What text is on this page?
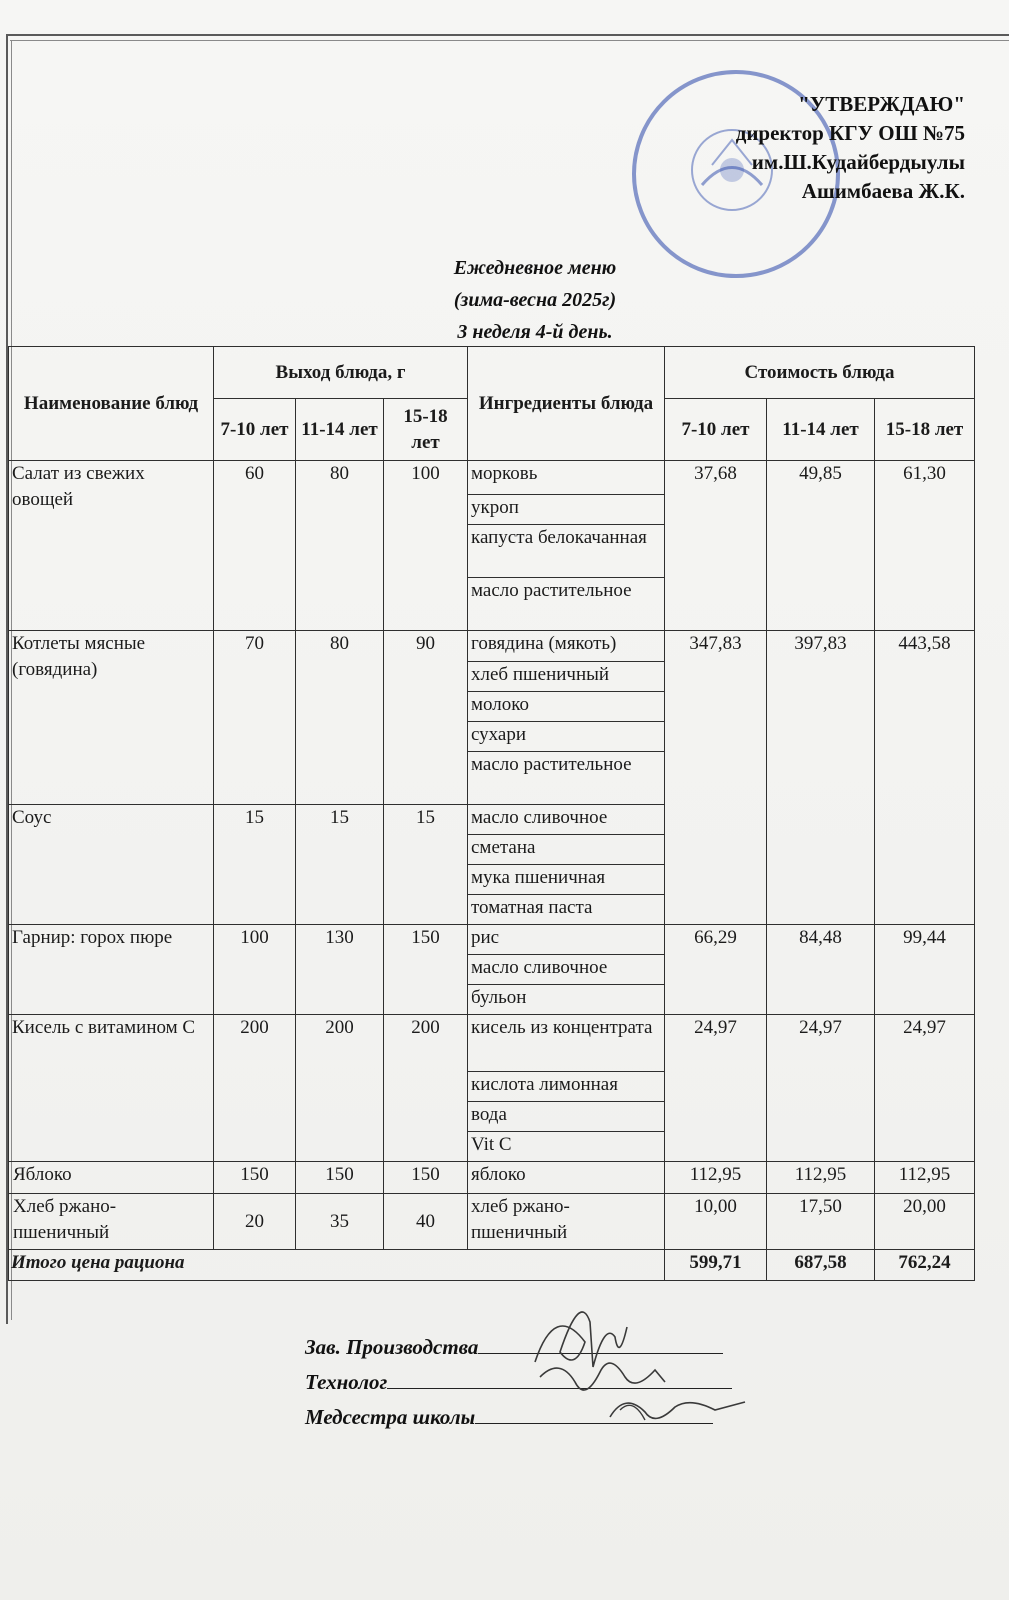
"УТВЕРЖДАЮ"
директор КГУ ОШ №75
им.Ш.Кудайбердыулы
Ашимбаева Ж.К.
Ежедневное меню
(зима-весна 2025г)
3 неделя 4-й день.
Наименование блюд	Выход блюда, г			Ингредиенты блюда	Стоимость блюда		
	7-10 лет	11-14 лет	15-18 лет		7-10 лет	11-14 лет	15-18 лет
Салат из свежих овощей	60	80	100	морковь	37,68	49,85	61,30
				укроп			
				капуста белокачанная			
				масло растительное			
Котлеты мясные (говядина)	70	80	90	говядина (мякоть)	347,83	397,83	443,58
				хлеб пшеничный			
				молоко			
				сухари			
				масло растительное			
Соус	15	15	15	масло сливочное			
				сметана			
				мука пшеничная			
				томатная паста			
Гарнир: горох пюре	100	130	150	рис	66,29	84,48	99,44
				масло сливочное			
				бульон			
Кисель с витамином С	200	200	200	кисель из концентрата	24,97	24,97	24,97
				кислота лимонная			
				вода			
				Vit C			
Яблоко	150	150	150	яблоко	112,95	112,95	112,95
Хлеб ржано-пшеничный	20	35	40	хлеб ржано-пшеничный	10,00	17,50	20,00
Итого цена рациона					599,71	687,58	762,24
Зав. Производства
Технолог
Медсестра школы
